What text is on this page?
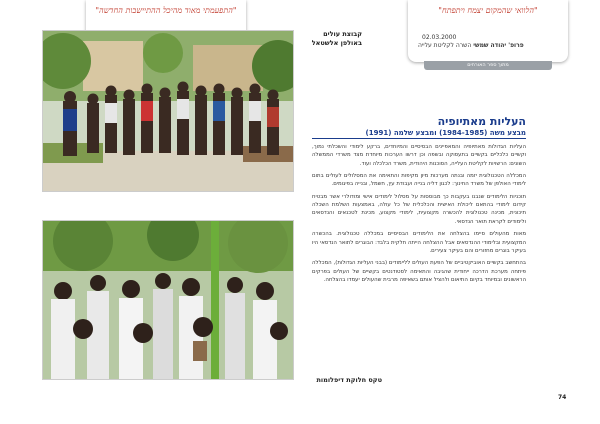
"התפעמתי מאוד מהיכל ההתיישבות החדשה"	"הלוואי שהמקום יצמח ויתפתח"
02.03.2000
פרופ' יהודה שמשי השרה לקליטת עלייה
מתוך ספר האורחים
קבוצת עולים באולפן אלשטאל
טקס חלוקת דיפלומות
העליות מאתיופיה
מבצע משה (1984-1985) ומבצע שלמה (1991)

העליות הגדולות מאתיופיה והמאפיינים הבסיסיים והמיוחדים, ברקע לימודי והשכלתי נמוך, וקשיים כלכליים בקשיים בתעסוקה ובשפה וכן דרשו הערכות מיוחדת מצד משרדי הממשלה השונים: הרשויות לקליטת העלייה, הסוכנות היהודית, משרד הכלכלה ועוד.

המכללה הטכנולוגית יזמה ובנתה מערכות מיון מקיפות והתאימה את המסלולים לעולים בתום לימודי האולפן של משרד החינוך: לכגון דליה בנייה ועבודת עץ, חשמל, ובנייה בפיגומים.

תוכניות הלימודים שנבנו בעקבות כך מבוססות על מסלול לימודים אישי ומודולרי אשר מבטיח קידום לימודי בהתאם ליכולת האישית והכלכלית של כל עולה, באמצעות השלמת השכלה תיכונית, מכינה טכנולוגית להכשרה מקצועית, לימודי מקצוע, מכינת לטכנאים והנדסאים ולימודים לקראת תואר הנדסאי.

מאות מהעולים סיימו בהצלחה את הלימודים הבסיסיים במכללה טכנולוגית. בהכשרה המקצועית ובלימודי ההנדסאים אבל ההצלחה הייתה חלקית בלבד: הבוגרים לתואר הנדסאי היו בעיקר בוגרים מחזורים והם בעיקר צעירים.

בהתחשב בקשיים האוביקטיביים של הפעת העולים לליימודים (בבני העליות הגדולות), המכללה פיתחה מערכת הדרכה ייחודית שהגיבה והתאימה לסטודנטים בקשיים של העולים בפרקים הראשונים ובמיוחד בקיום התיאום ולהציל אותם בשאיפה מרבית שהעולים יעמדו בהצלחה.

74
